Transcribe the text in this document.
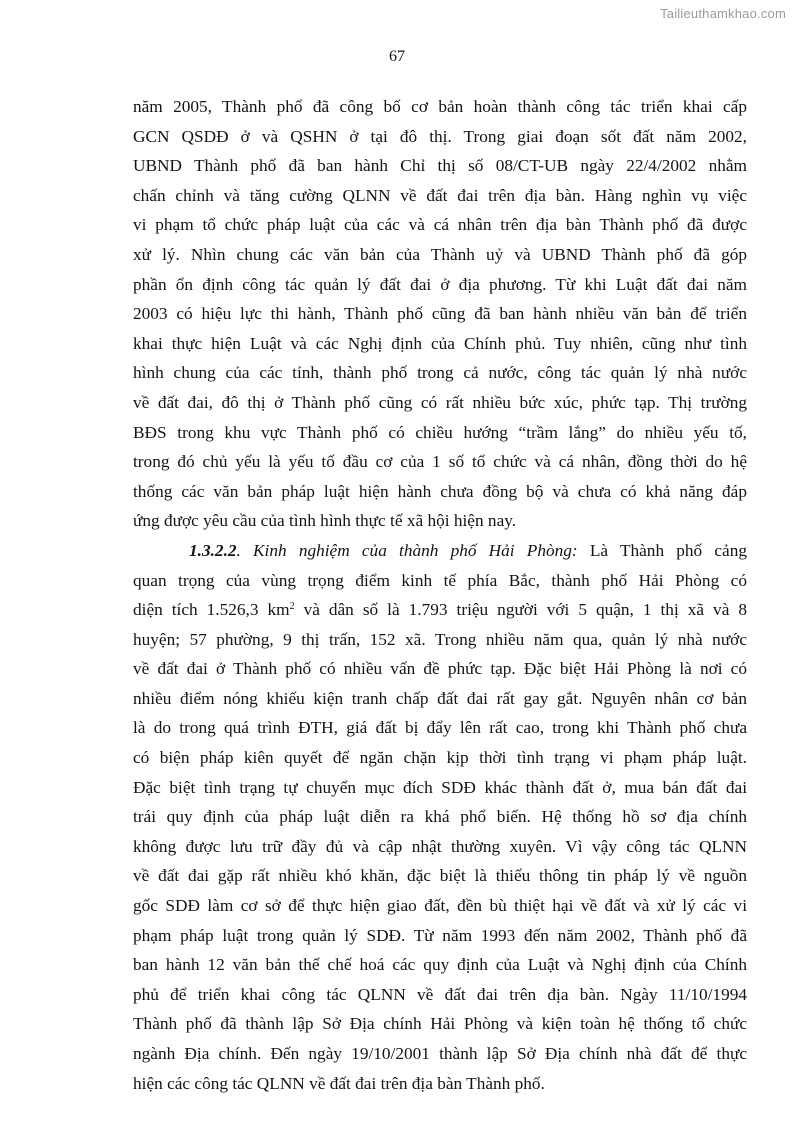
Tailieuthamkhao.com
67
năm 2005, Thành phố đã công bố cơ bản hoàn thành công tác triển khai cấp
GCN QSDĐ ở và QSHN ở tại đô thị. Trong giai đoạn sốt đất năm 2002,
UBND Thành phố đã ban hành Chỉ thị số 08/CT-UB ngày 22/4/2002 nhằm
chấn chỉnh và tăng cường QLNN về đất đai trên địa bàn. Hàng nghìn vụ việc
vi phạm tổ chức pháp luật của các và cá nhân trên địa bàn Thành phố đã được
xử lý. Nhìn chung các văn bản của Thành uỷ và UBND Thành phố đã góp
phần ổn định công tác quản lý đất đai ở địa phương. Từ khi Luật đất đai năm
2003 có hiệu lực thi hành, Thành phố cũng đã ban hành nhiều văn bản để triển
khai thực hiện Luật và các Nghị định của Chính phủ. Tuy nhiên, cũng như tình
hình chung của các tỉnh, thành phố trong cả nước, công tác quản lý nhà nước
về đất đai, đô thị ở Thành phố cũng có rất nhiều bức xúc, phức tạp. Thị trường
BĐS trong khu vực Thành phố có chiều hướng “trầm lắng” do nhiều yếu tố,
trong đó chủ yếu là yếu tố đầu cơ của 1 số tổ chức và cá nhân, đồng thời do hệ
thống các văn bản pháp luật hiện hành chưa đồng bộ và chưa có khả năng đáp
ứng được yêu cầu của tình hình thực tế xã hội hiện nay.
1.3.2.2. Kinh nghiệm của thành phố Hải Phòng: Là Thành phố cảng
quan trọng của vùng trọng điểm kinh tế phía Bắc, thành phố Hải Phòng có
diện tích 1.526,3 $km^2$ và dân số là 1.793 triệu người với 5 quận, 1 thị xã và 8
huyện; 57 phường, 9 thị trấn, 152 xã. Trong nhiều năm qua, quản lý nhà nước
về đất đai ở Thành phố có nhiều vấn đề phức tạp. Đặc biệt Hải Phòng là nơi có
nhiều điểm nóng khiếu kiện tranh chấp đất đai rất gay gắt. Nguyên nhân cơ bản
là do trong quá trình ĐTH, giá đất bị đẩy lên rất cao, trong khi Thành phố chưa
có biện pháp kiên quyết để ngăn chặn kịp thời tình trạng vi phạm pháp luật.
Đặc biệt tình trạng tự chuyển mục đích SDĐ khác thành đất ở, mua bán đất đai
trái quy định của pháp luật diễn ra khá phổ biến. Hệ thống hồ sơ địa chính
không được lưu trữ đầy đủ và cập nhật thường xuyên. Vì vậy công tác QLNN
về đất đai gặp rất nhiều khó khăn, đặc biệt là thiếu thông tin pháp lý về nguồn
gốc SDĐ làm cơ sở để thực hiện giao đất, đền bù thiệt hại về đất và xử lý các vi
phạm pháp luật trong quản lý SDĐ. Từ năm 1993 đến năm 2002, Thành phố đã
ban hành 12 văn bản thể chế hoá các quy định của Luật và Nghị định của Chính
phủ để triển khai công tác QLNN về đất đai trên địa bàn. Ngày 11/10/1994
Thành phố đã thành lập Sở Địa chính Hải Phòng và kiện toàn hệ thống tổ chức
ngành Địa chính. Đến ngày 19/10/2001 thành lập Sở Địa chính nhà đất để thực
hiện các công tác QLNN về đất đai trên địa bàn Thành phố.
